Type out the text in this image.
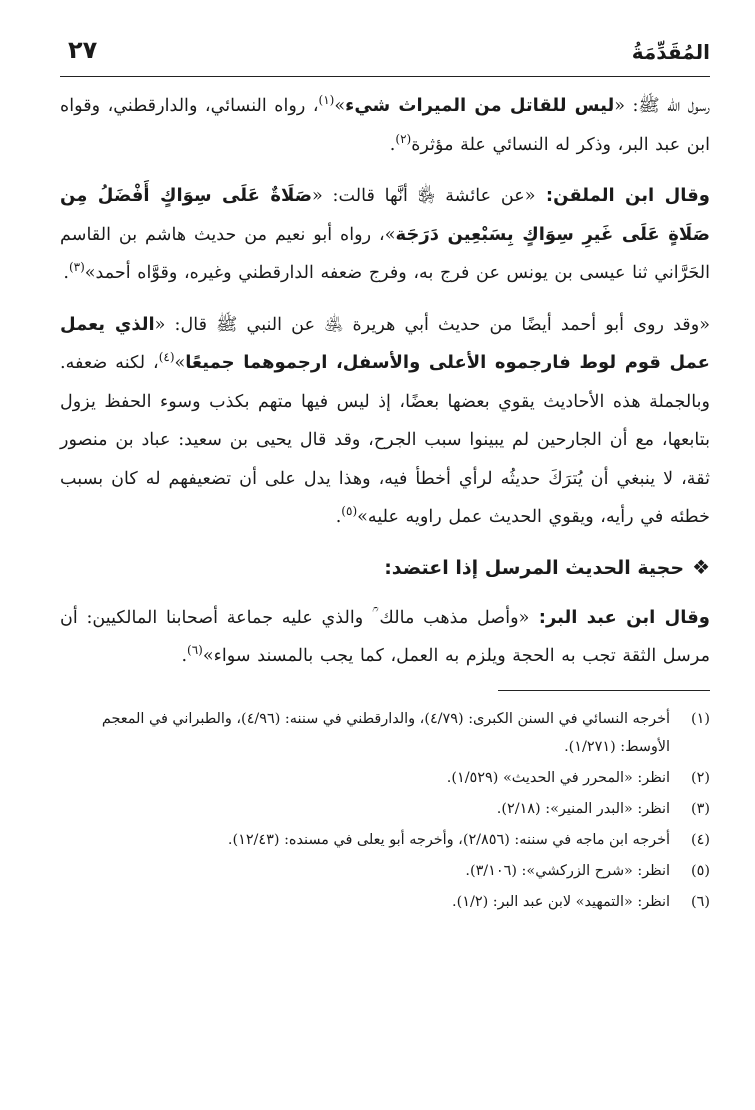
المُقَدِّمَةُ
٢٧

رسول الله ﷺ: «ليس للقاتل من الميراث شيء»$^{(١)}$، رواه النسائي، والدارقطني، وقواه ابن عبد البر، وذكر له النسائي علة مؤثرة$^{(٢)}$.

وقال ابن الملقن: «عن عائشة ﵂ أنَّها قالت: «صَلَاةٌ عَلَى سِوَاكٍ أَفْضَلُ مِن صَلَاةٍ عَلَى غَيرِ سِوَاكٍ بِسَبْعِين دَرَجَة»، رواه أبو نعيم من حديث هاشم بن القاسم الحَرَّاني ثنا عيسى بن يونس عن فرج به، وفرج ضعفه الدارقطني وغيره، وقوَّاه أحمد»$^{(٣)}$.

«وقد روى أبو أحمد أيضًا من حديث أبي هريرة ﵁ عن النبي ﷺ قال: «الذي يعمل عمل قوم لوط فارجموه الأعلى والأسفل، ارجموهما جميعًا»$^{(٤)}$، لكنه ضعفه. وبالجملة هذه الأحاديث يقوي بعضها بعضًا، إذ ليس فيها متهم بكذب وسوء الحفظ يزول بتابعها، مع أن الجارحين لم يبينوا سبب الجرح، وقد قال يحيى بن سعيد: عباد بن منصور ثقة، لا ينبغي أن يُترَكَ حديثُه لرأي أخطأ فيه، وهذا يدل على أن تضعيفهم له كان بسبب خطئه في رأيه، ويقوي الحديث عمل راويه عليه»$^{(٥)}$.

❖حجية الحديث المرسل إذا اعتضد:

وقال ابن عبد البر: «وأصل مذهب مالك ؒ والذي عليه جماعة أصحابنا المالكيين: أن مرسل الثقة تجب به الحجة ويلزم به العمل، كما يجب بالمسند سواء»$^{(٦)}$.

(١)
أخرجه النسائي في السنن الكبرى: (٤/٧٩)، والدارقطني في سننه: (٤/٩٦)، والطبراني في المعجم الأوسط: (١/٢٧١).
(٢)
انظر: «المحرر في الحديث» (١/٥٢٩).
(٣)
انظر: «البدر المنير»: (٢/١٨).
(٤)
أخرجه ابن ماجه في سننه: (٢/٨٥٦)، وأخرجه أبو يعلى في مسنده: (١٢/٤٣).
(٥)
انظر: «شرح الزركشي»: (٣/١٠٦).
(٦)
انظر: «التمهيد» لابن عبد البر: (١/٢).
